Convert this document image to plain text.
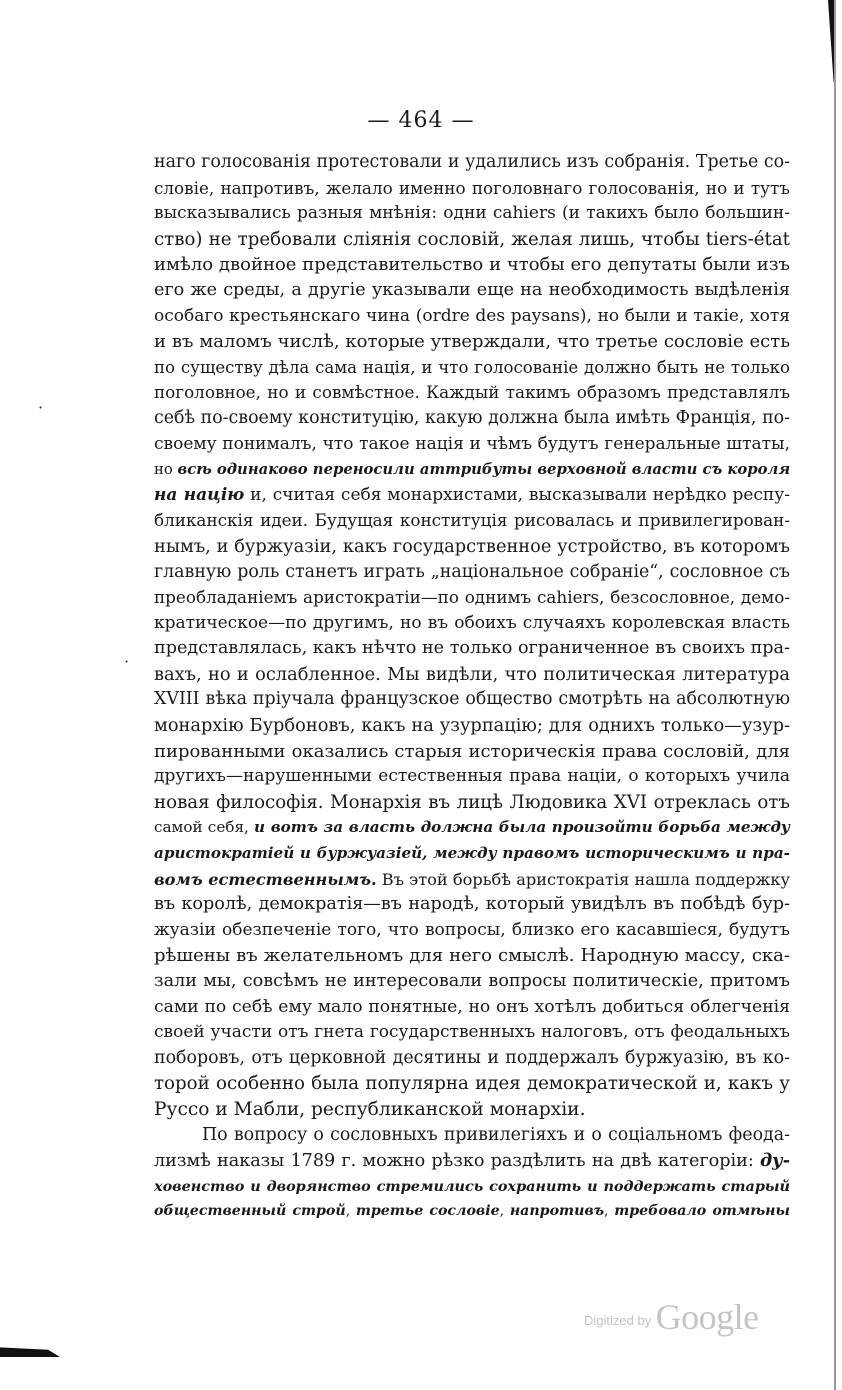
— 464 —
наго голосованія протестовали и удалились изъ собранія. Третье со-
словіе, напротивъ, желало именно поголовнаго голосованія, но и тутъ
высказывались разныя мнѣнія: одни cahiers (и такихъ было большин-
ство) не требовали сліянія сословій, желая лишь, чтобы tiers-état
имѣло двойное представительство и чтобы его депутаты были изъ
его же среды, а другіе указывали еще на необходимость выдѣленія
особаго крестьянскаго чина (ordre des paysans), но были и такіе, хотя
и въ маломъ числѣ, которые утверждали, что третье сословіе есть
по существу дѣла сама нація, и что голосованіе должно быть не только
поголовное, но и совмѣстное. Каждый такимъ образомъ представлялъ
себѣ по-своему конституцію, какую должна была имѣть Франція, по-
своему понималъ, что такое нація и чѣмъ будутъ генеральные штаты,
но всѣ одинаково переносили аттрибуты верховной власти съ короля
на націю и, считая себя монархистами, высказывали нерѣдко респу-
бликанскія идеи. Будущая конституція рисовалась и привилегирован-
нымъ, и буржуазіи, какъ государственное устройство, въ которомъ
главную роль станетъ играть „національное собраніе“, сословное съ
преобладаніемъ аристократіи—по однимъ cahiers, безсословное, демо-
кратическое—по другимъ, но въ обоихъ случаяхъ королевская власть
представлялась, какъ нѣчто не только ограниченное въ своихъ пра-
вахъ, но и ослабленное. Мы видѣли, что политическая литература
XVIII вѣка пріучала французское общество смотрѣть на абсолютную
монархію Бурбоновъ, какъ на узурпацію; для однихъ только—узур-
пированными оказались старыя историческія права сословій, для
другихъ—нарушенными естественныя права націи, о которыхъ учила
новая философія. Монархія въ лицѣ Людовика XVI отреклась отъ
самой себя, и вотъ за власть должна была произойти борьба между
аристократіей и буржуазіей, между правомъ историческимъ и пра-
вомъ естественнымъ. Въ этой борьбѣ аристократія нашла поддержку
въ королѣ, демократія—въ народѣ, который увидѣлъ въ побѣдѣ бур-
жуазіи обезпеченіе того, что вопросы, близко его касавшіеся, будутъ
рѣшены въ желательномъ для него смыслѣ. Народную массу, ска-
зали мы, совсѣмъ не интересовали вопросы политическіе, притомъ
сами по себѣ ему мало понятные, но онъ хотѣлъ добиться облегченія
своей участи отъ гнета государственныхъ налоговъ, отъ феодальныхъ
поборовъ, отъ церковной десятины и поддержалъ буржуазію, въ ко-
торой особенно была популярна идея демократической и, какъ у
Руссо и Мабли, республиканской монархіи.
По вопросу о сословныхъ привилегіяхъ и о соціальномъ феода-
лизмѣ наказы 1789 г. можно рѣзко раздѣлить на двѣ категоріи: ду-
ховенство и дворянство стремились сохранить и поддержать старый
общественный строй, третье сословіе, напротивъ, требовало отмѣны
·
·
$^{Digitized by}$ Google
